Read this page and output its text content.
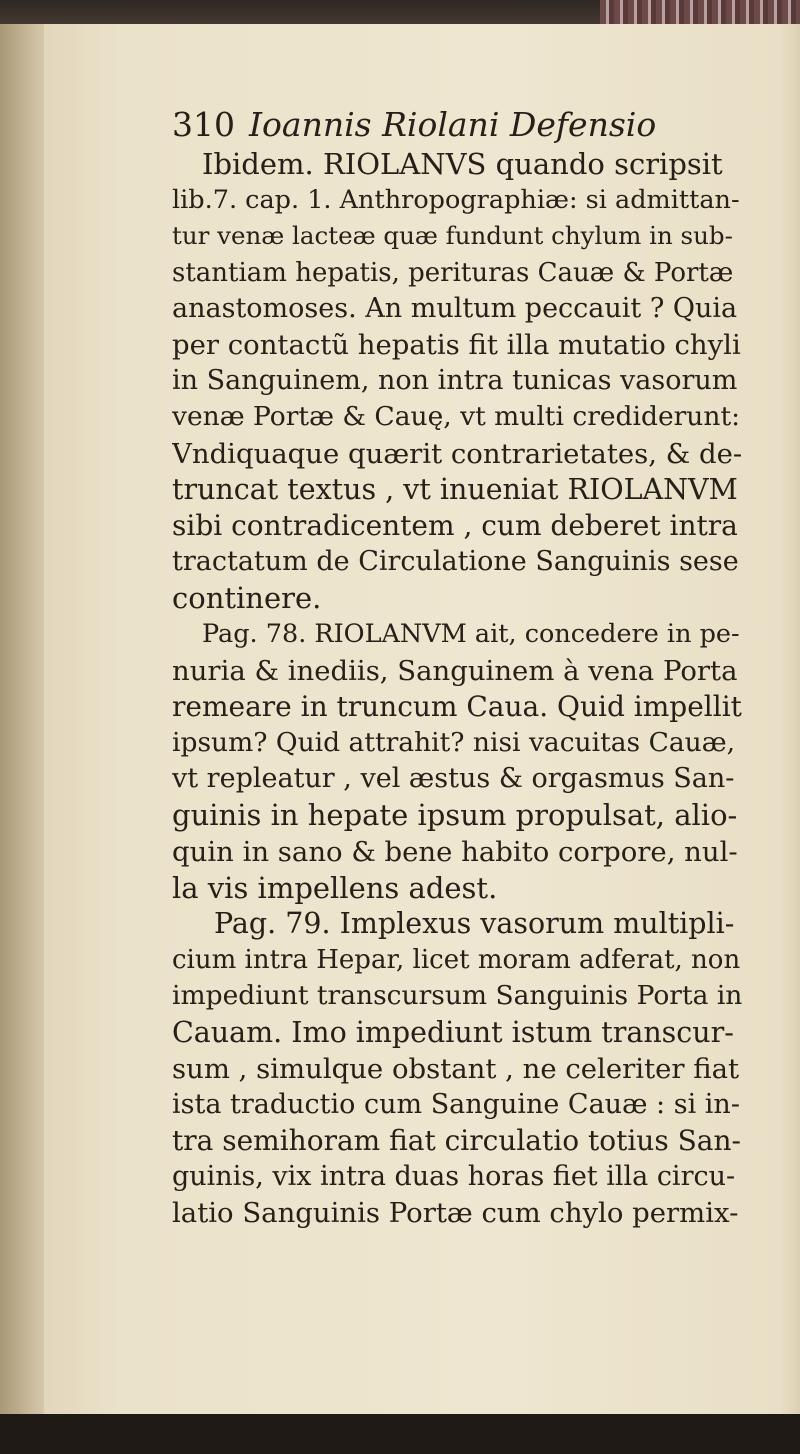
310 Ioannis Riolani Defensio
Ibidem. RIOLANVS quando scripsit
lib.7. cap. 1. Anthropographiæ: si admittan-
tur venæ lacteæ quæ fundunt chylum in sub-
stantiam hepatis, perituras Cauæ & Portæ
anastomoses. An multum peccauit ? Quia
per contactũ hepatis fit illa mutatio chyli
in Sanguinem, non intra tunicas vasorum
venæ Portæ & Cauę, vt multi crediderunt:
Vndiquaque quærit contrarietates, & de-
truncat textus , vt inueniat RIOLANVM
sibi contradicentem , cum deberet intra
tractatum de Circulatione Sanguinis sese
continere.
Pag. 78. RIOLANVM ait, concedere in pe-
nuria & inediis, Sanguinem à vena Porta
remeare in truncum Caua. Quid impellit
ipsum? Quid attrahit? nisi vacuitas Cauæ,
vt repleatur , vel æstus & orgasmus San-
guinis in hepate ipsum propulsat, alio-
quin in sano & bene habito corpore, nul-
la vis impellens adest.
Pag. 79. Implexus vasorum multipli-
cium intra Hepar, licet moram adferat, non
impediunt transcursum Sanguinis Porta in
Cauam. Imo impediunt istum transcur-
sum , simulque obstant , ne celeriter fiat
ista traductio cum Sanguine Cauæ : si in-
tra semihoram fiat circulatio totius San-
guinis, vix intra duas horas fiet illa circu-
latio Sanguinis Portæ cum chylo permix-
